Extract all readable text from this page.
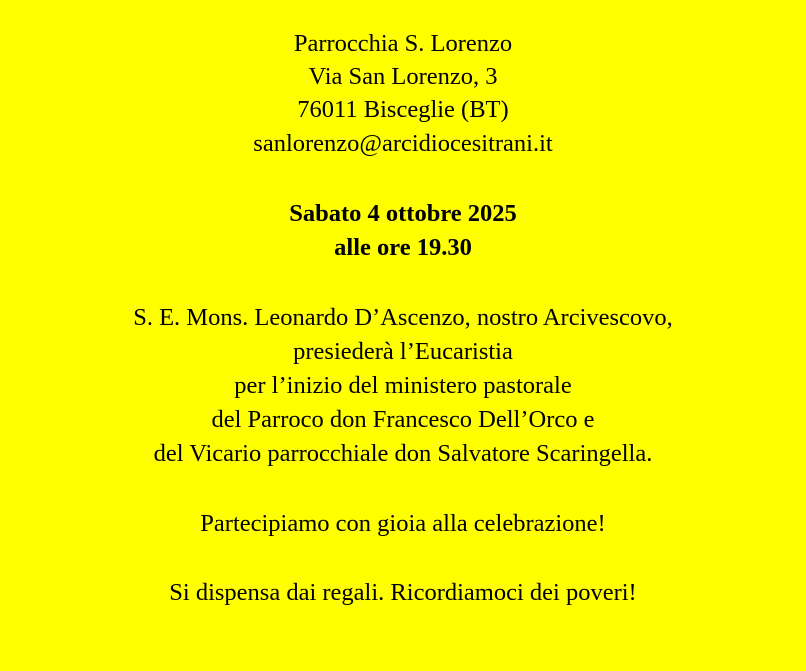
Parrocchia S. Lorenzo
Via San Lorenzo, 3
76011 Bisceglie (BT)
sanlorenzo@arcidiocesitrani.it
Sabato 4 ottobre 2025
alle ore 19.30
S. E. Mons. Leonardo D’Ascenzo, nostro Arcivescovo,
presiederà l’Eucaristia
per l’inizio del ministero pastorale
del Parroco don Francesco Dell’Orco e
del Vicario parrocchiale don Salvatore Scaringella.
Partecipiamo con gioia alla celebrazione!
Si dispensa dai regali. Ricordiamoci dei poveri!
